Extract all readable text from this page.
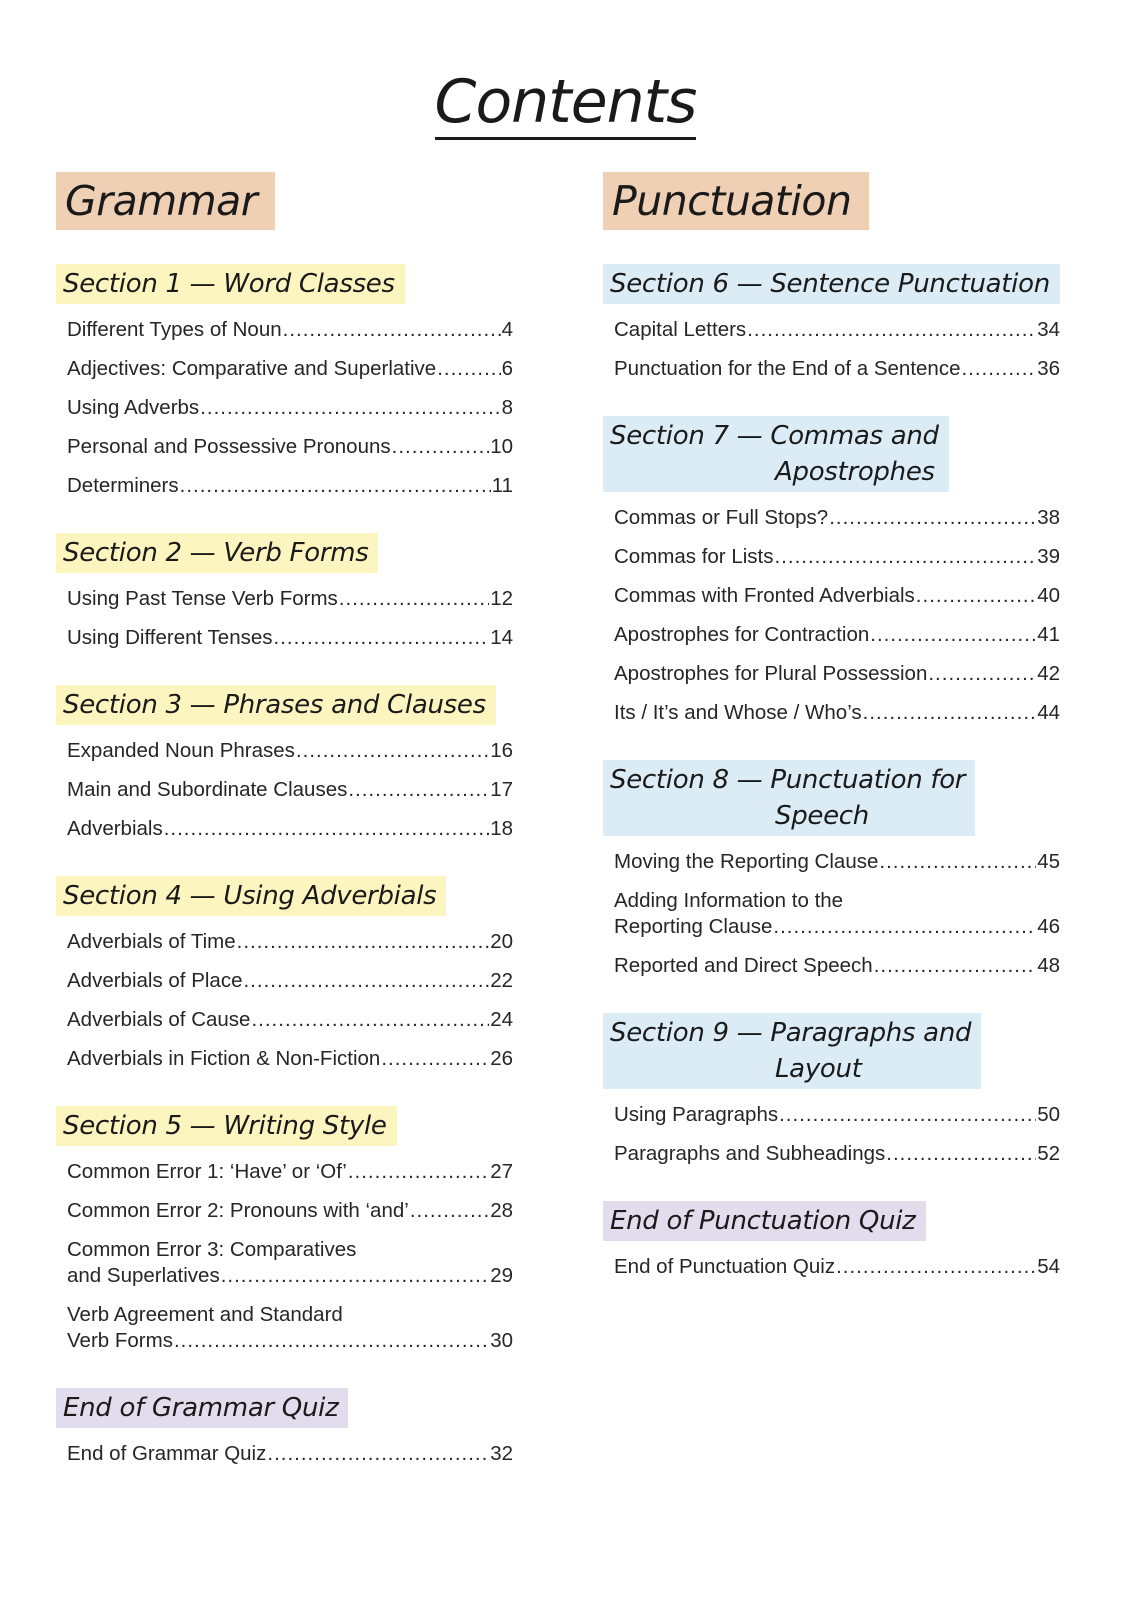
Contents
Grammar
Section 1 — Word Classes
Different Types of Noun .....	4
Adjectives: Comparative and Superlative .....	6
Using Adverbs .....	8
Personal and Possessive Pronouns .....	10
Determiners .....	11
Section 2 — Verb Forms
Using Past Tense Verb Forms .....	12
Using Different Tenses .....	14
Section 3 — Phrases and Clauses
Expanded Noun Phrases .....	16
Main and Subordinate Clauses .....	17
Adverbials .....	18
Section 4 — Using Adverbials
Adverbials of Time .....	20
Adverbials of Place .....	22
Adverbials of Cause .....	24
Adverbials in Fiction & Non-Fiction .....	26
Section 5 — Writing Style
Common Error 1: ‘Have’ or ‘Of’ .....	27
Common Error 2: Pronouns with ‘and’ .....	28
Common Error 3: Comparatives
and Superlatives .....	29
Verb Agreement and Standard
Verb Forms .....	30
End of Grammar Quiz
End of Grammar Quiz .....	32
Punctuation
Section 6 — Sentence Punctuation
Capital Letters .....	34
Punctuation for the End of a Sentence .....	36
Section 7 — Commas and
Apostrophes
Commas or Full Stops? .....	38
Commas for Lists .....	39
Commas with Fronted Adverbials .....	40
Apostrophes for Contraction .....	41
Apostrophes for Plural Possession .....	42
Its / It’s and Whose / Who’s .....	44
Section 8 — Punctuation for
Speech
Moving the Reporting Clause .....	45
Adding Information to the
Reporting Clause .....	46
Reported and Direct Speech .....	48
Section 9 — Paragraphs and
Layout
Using Paragraphs .....	50
Paragraphs and Subheadings .....	52
End of Punctuation Quiz
End of Punctuation Quiz .....	54
